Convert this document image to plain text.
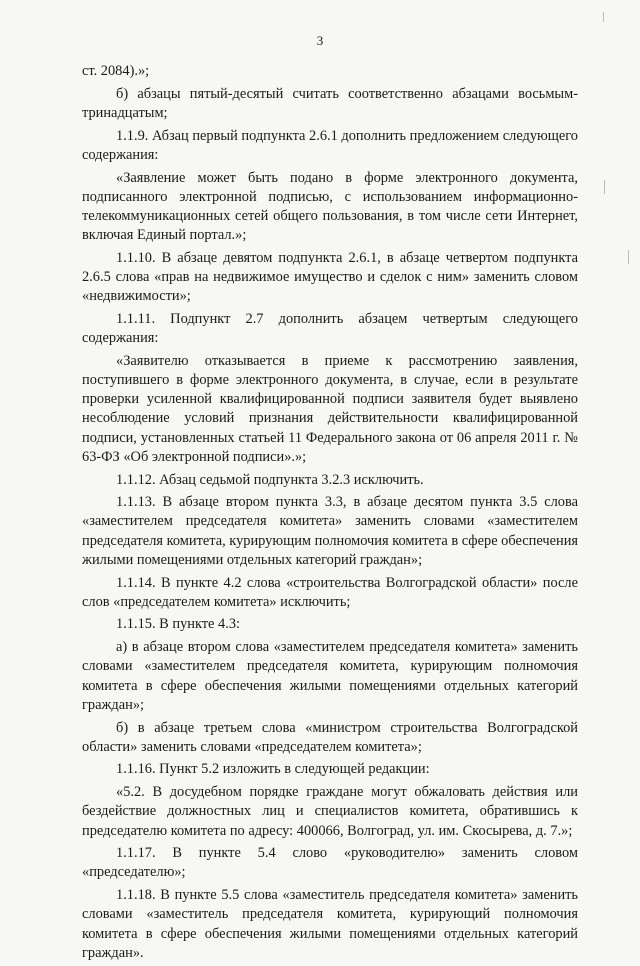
3

ст. 2084).»;

б) абзацы пятый-десятый считать соответственно абзацами восьмым-тринадцатым;

1.1.9. Абзац первый подпункта 2.6.1 дополнить предложением следующего содержания:

«Заявление может быть подано в форме электронного документа, подписанного электронной подписью, с использованием информационно-телекоммуникационных сетей общего пользования, в том числе сети Интернет, включая Единый портал.»;

1.1.10. В абзаце девятом подпункта 2.6.1, в абзаце четвертом подпункта 2.6.5 слова «прав на недвижимое имущество и сделок с ним» заменить словом «недвижимости»;

1.1.11. Подпункт 2.7 дополнить абзацем четвертым следующего содержания:

«Заявителю отказывается в приеме к рассмотрению заявления, поступившего в форме электронного документа, в случае, если в результате проверки усиленной квалифицированной подписи заявителя будет выявлено несоблюдение условий признания действительности квалифицированной подписи, установленных статьей 11 Федерального закона от 06 апреля 2011 г. № 63-ФЗ «Об электронной подписи».»;

1.1.12. Абзац седьмой подпункта 3.2.3 исключить.

1.1.13. В абзаце втором пункта 3.3, в абзаце десятом пункта 3.5 слова «заместителем председателя комитета» заменить словами «заместителем председателя комитета, курирующим полномочия комитета в сфере обеспечения жилыми помещениями отдельных категорий граждан»;

1.1.14. В пункте 4.2 слова «строительства Волгоградской области» после слов «председателем комитета» исключить;

1.1.15. В пункте 4.3:

а) в абзаце втором слова «заместителем председателя комитета» заменить словами «заместителем председателя комитета, курирующим полномочия комитета в сфере обеспечения жилыми помещениями отдельных категорий граждан»;

б) в абзаце третьем слова «министром строительства Волгоградской области» заменить словами «председателем комитета»;

1.1.16. Пункт 5.2 изложить в следующей редакции:

«5.2. В досудебном порядке граждане могут обжаловать действия или бездействие должностных лиц и специалистов комитета, обратившись к председателю комитета по адресу: 400066, Волгоград, ул. им. Скосырева, д. 7.»;

1.1.17. В пункте 5.4 слово «руководителю» заменить словом «председателю»;

1.1.18. В пункте 5.5 слова «заместитель председателя комитета» заменить словами «заместитель председателя комитета, курирующий полномочия комитета в сфере обеспечения жилыми помещениями отдельных категорий граждан».
